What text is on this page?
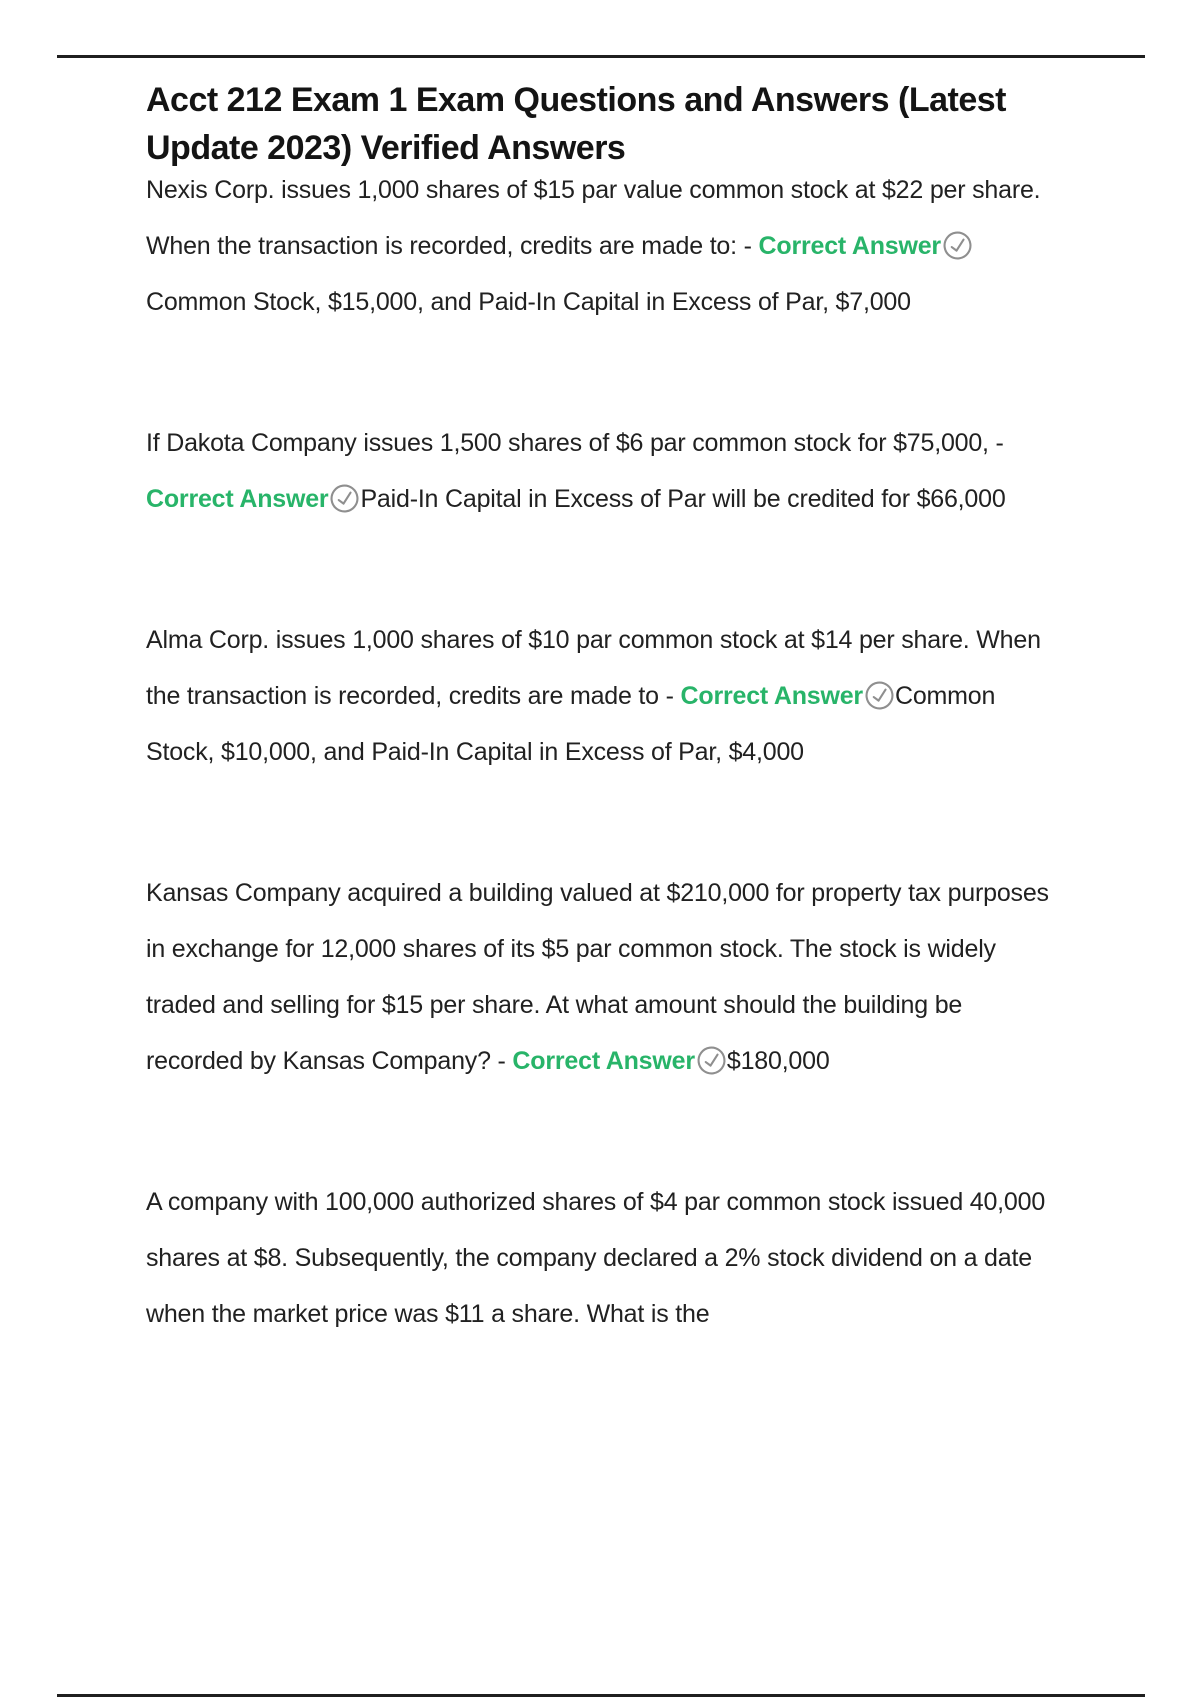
Acct 212 Exam 1 Exam Questions and Answers (Latest Update 2023) Verified Answers

Nexis Corp. issues 1,000 shares of $15 par value common stock at $22 per share. When the transaction is recorded, credits are made to: - Correct Answer
Common Stock, $15,000, and Paid-In Capital in Excess of Par, $7,000

If Dakota Company issues 1,500 shares of $6 par common stock for $75,000, - Correct Answer Paid-In Capital in Excess of Par will be credited for $66,000

Alma Corp. issues 1,000 shares of $10 par common stock at $14 per share. When the transaction is recorded, credits are made to - Correct Answer Common Stock, $10,000, and Paid-In Capital in Excess of Par, $4,000

Kansas Company acquired a building valued at $210,000 for property tax purposes in exchange for 12,000 shares of its $5 par common stock. The stock is widely traded and selling for $15 per share. At what amount should the building be recorded by Kansas Company? - Correct Answer $180,000

A company with 100,000 authorized shares of $4 par common stock issued 40,000 shares at $8. Subsequently, the company declared a 2% stock dividend on a date when the market price was $11 a share. What is the
